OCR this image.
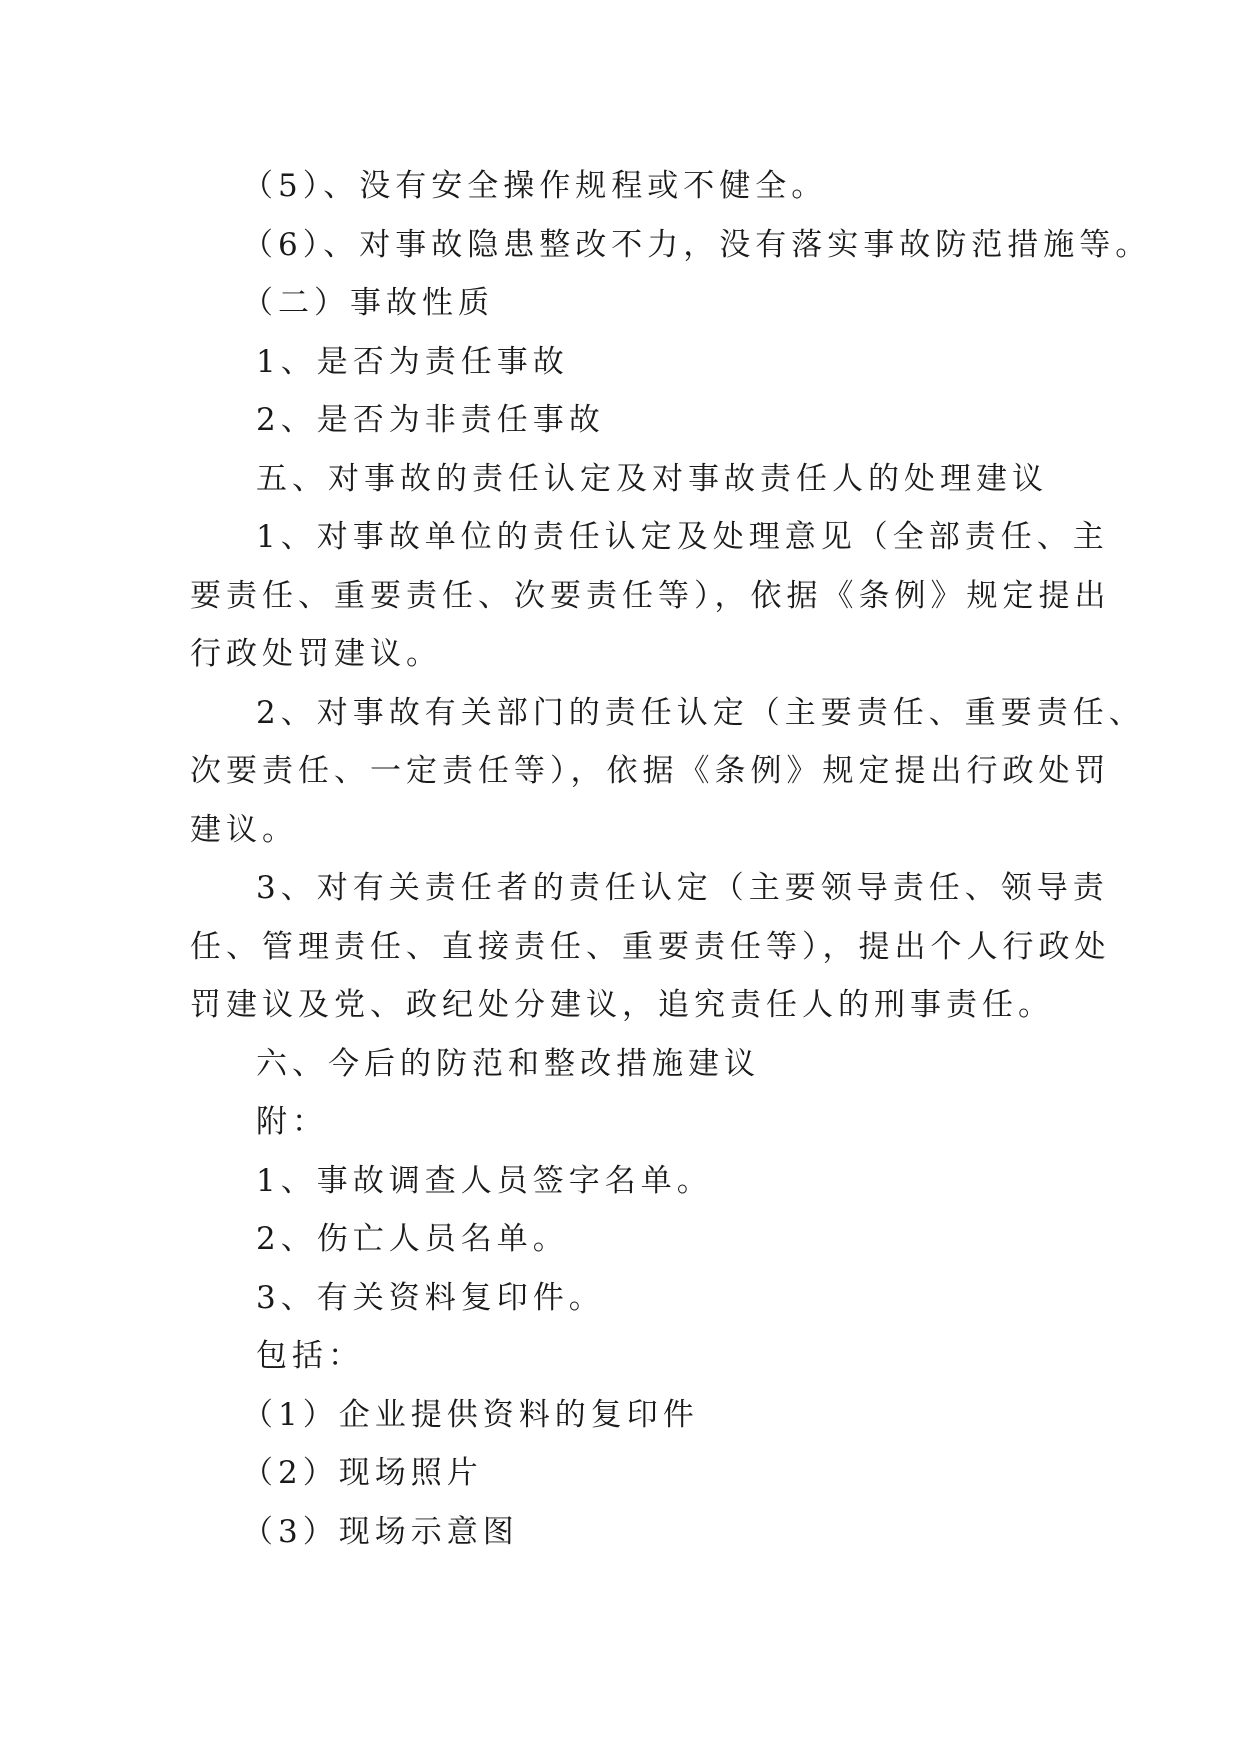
（5）、没有安全操作规程或不健全。
（6）、对事故隐患整改不力，没有落实事故防范措施等。
（二）事故性质
1、是否为责任事故
2、是否为非责任事故
五、对事故的责任认定及对事故责任人的处理建议
1、对事故单位的责任认定及处理意见（全部责任、主
要责任、重要责任、次要责任等），依据《条例》规定提出
行政处罚建议。
2、对事故有关部门的责任认定（主要责任、重要责任、
次要责任、一定责任等），依据《条例》规定提出行政处罚
建议。
3、对有关责任者的责任认定（主要领导责任、领导责
任、管理责任、直接责任、重要责任等），提出个人行政处
罚建议及党、政纪处分建议，追究责任人的刑事责任。
六、今后的防范和整改措施建议
附：
1、事故调查人员签字名单。
2、伤亡人员名单。
3、有关资料复印件。
包括：
（1）企业提供资料的复印件
（2）现场照片
（3）现场示意图
